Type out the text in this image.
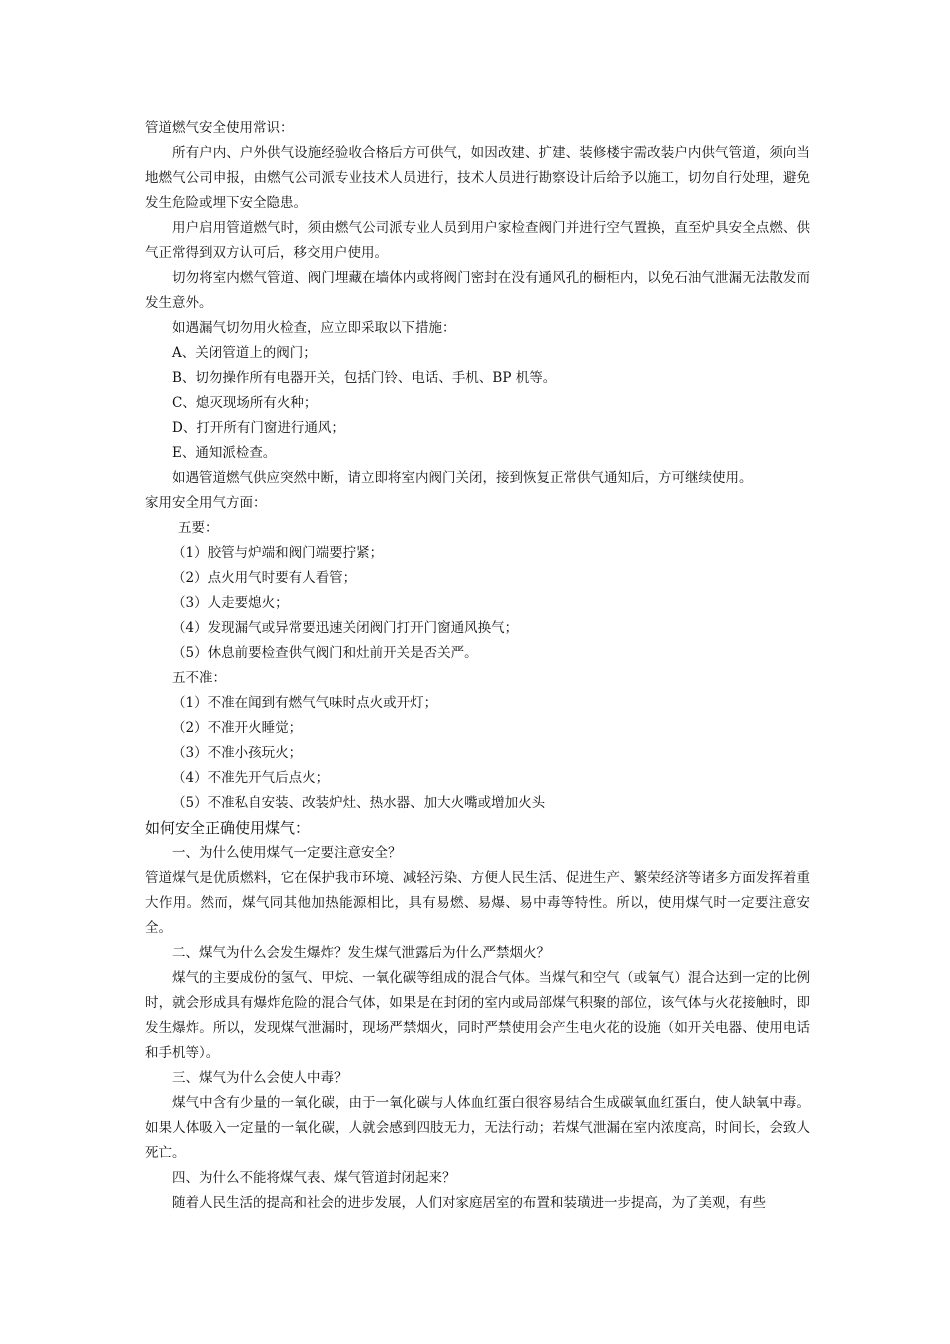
管道燃气安全使用常识：

所有户内、户外供气设施经验收合格后方可供气，如因改建、扩建、装修楼宇需改装户内供气管道，须向当地燃气公司申报，由燃气公司派专业技术人员进行，技术人员进行勘察设计后给予以施工，切勿自行处理，避免发生危险或埋下安全隐患。

用户启用管道燃气时，须由燃气公司派专业人员到用户家检查阀门并进行空气置换，直至炉具安全点燃、供气正常得到双方认可后，移交用户使用。

切勿将室内燃气管道、阀门埋藏在墙体内或将阀门密封在没有通风孔的橱柜内，以免石油气泄漏无法散发而发生意外。

如遇漏气切勿用火检查，应立即采取以下措施：

A、关闭管道上的阀门；

B、切勿操作所有电器开关，包括门铃、电话、手机、BP 机等。

C、熄灭现场所有火种；

D、打开所有门窗进行通风；

E、通知派检查。

如遇管道燃气供应突然中断，请立即将室内阀门关闭，接到恢复正常供气通知后，方可继续使用。

家用安全用气方面：

五要：

（1）胶管与炉端和阀门端要拧紧；

（2）点火用气时要有人看管；

（3）人走要熄火；

（4）发现漏气或异常要迅速关闭阀门打开门窗通风换气；

（5）休息前要检查供气阀门和灶前开关是否关严。

五不准：

（1）不准在闻到有燃气气味时点火或开灯；

（2）不准开火睡觉；

（3）不准小孩玩火；

（4）不准先开气后点火；

（5）不准私自安装、改装炉灶、热水器、加大火嘴或增加火头

如何安全正确使用煤气：

一、为什么使用煤气一定要注意安全？

管道煤气是优质燃料，它在保护我市环境、减轻污染、方便人民生活、促进生产、繁荣经济等诸多方面发挥着重大作用。然而，煤气同其他加热能源相比，具有易燃、易爆、易中毒等特性。所以，使用煤气时一定要注意安全。

二、煤气为什么会发生爆炸？发生煤气泄露后为什么严禁烟火？

煤气的主要成份的氢气、甲烷、一氧化碳等组成的混合气体。当煤气和空气（或氧气）混合达到一定的比例时，就会形成具有爆炸危险的混合气体，如果是在封闭的室内或局部煤气积聚的部位，该气体与火花接触时，即发生爆炸。所以，发现煤气泄漏时，现场严禁烟火，同时严禁使用会产生电火花的设施（如开关电器、使用电话和手机等）。

三、煤气为什么会使人中毒？

煤气中含有少量的一氧化碳，由于一氧化碳与人体血红蛋白很容易结合生成碳氧血红蛋白，使人缺氧中毒。如果人体吸入一定量的一氧化碳，人就会感到四肢无力，无法行动；若煤气泄漏在室内浓度高，时间长，会致人死亡。

四、为什么不能将煤气表、煤气管道封闭起来？

随着人民生活的提高和社会的进步发展，人们对家庭居室的布置和装璜进一步提高，为了美观，有些
